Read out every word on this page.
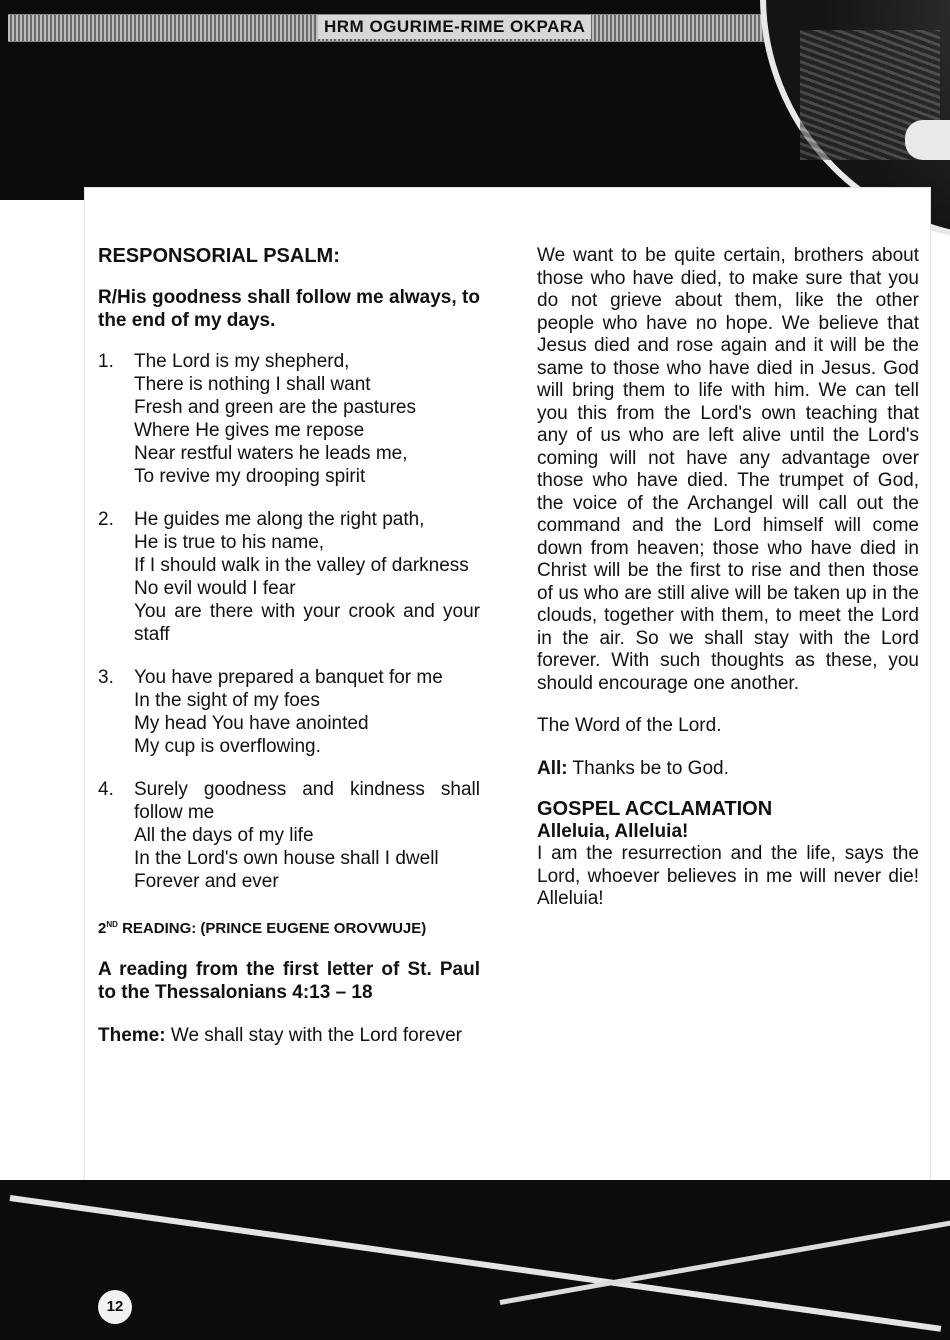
HRM OGURIME-RIME OKPARA
RESPONSORIAL PSALM:
R/His goodness shall follow me always, to the end of my days.
1.	The Lord is my shepherd,
There is nothing I shall want
Fresh and green are the pastures
Where He gives me repose
Near restful waters he leads me,
To revive my drooping spirit
2.	He guides me along the right path,
He is true to his name,
If I should walk in the valley of darkness
No evil would I fear
You are there with your crook and your staff
3.	You have prepared a banquet for me
In the sight of my foes
My head You have anointed
My cup is overflowing.
4.	Surely goodness and kindness shall follow me
All the days of my life
In the Lord's own house shall I dwell
Forever and ever
2ND READING: (PRINCE EUGENE OROVWUJE)
A reading from the first letter of St. Paul to the Thessalonians 4:13 – 18

Theme: We shall stay with the Lord forever

We want to be quite certain, brothers about those who have died, to make sure that you do not grieve about them, like the other people who have no hope. We believe that Jesus died and rose again and it will be the same to those who have died in Jesus. God will bring them to life with him. We can tell you this from the Lord's own teaching that any of us who are left alive until the Lord's coming will not have any advantage over those who have died. The trumpet of God, the voice of the Archangel will call out the command and the Lord himself will come down from heaven; those who have died in Christ will be the first to rise and then those of us who are still alive will be taken up in the clouds, together with them, to meet the Lord in the air. So we shall stay with the Lord forever. With such thoughts as these, you should encourage one another.

The Word of the Lord.

All: Thanks be to God.

GOSPEL ACCLAMATION

Alleluia, Alleluia!

I am the resurrection and the life, says the Lord, whoever believes in me will never die! Alleluia!

12
